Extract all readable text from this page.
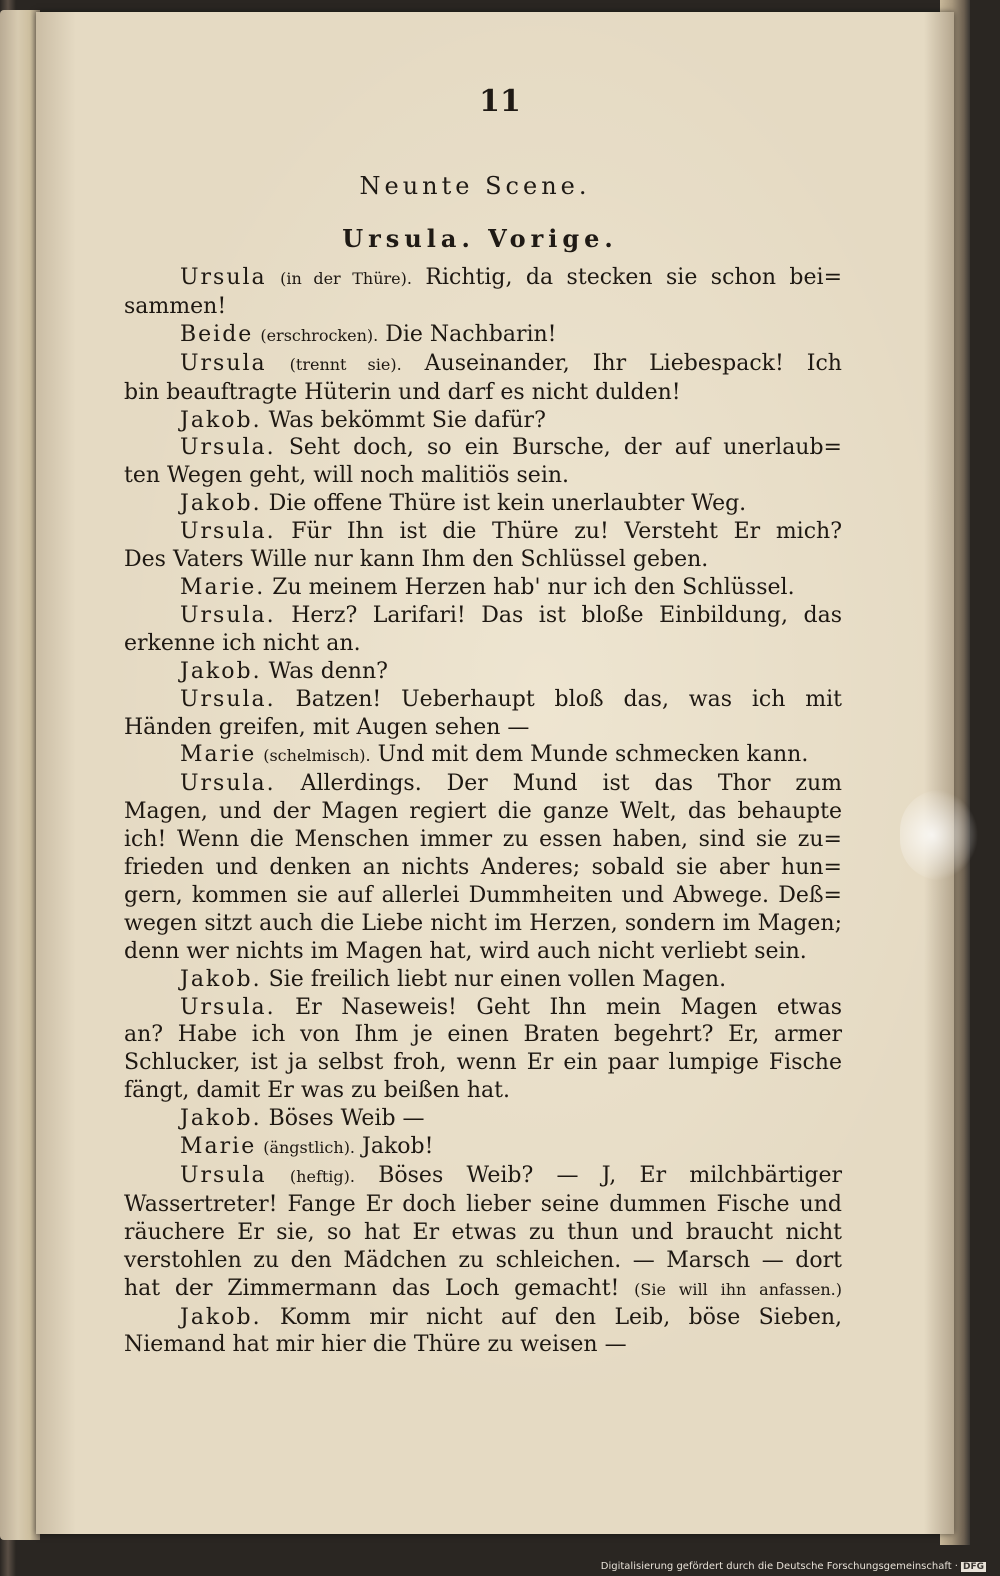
11
Neunte Scene.
Ursula. Vorige.
Ursula (in der Thüre). Richtig, da stecken sie schon bei=
sammen!
Beide (erschrocken). Die Nachbarin!
Ursula (trennt sie). Auseinander, Ihr Liebespack! Ich
bin beauftragte Hüterin und darf es nicht dulden!
Jakob. Was bekömmt Sie dafür?
Ursula. Seht doch, so ein Bursche, der auf unerlaub=
ten Wegen geht, will noch malitiös sein.
Jakob. Die offene Thüre ist kein unerlaubter Weg.
Ursula. Für Ihn ist die Thüre zu! Versteht Er mich?
Des Vaters Wille nur kann Ihm den Schlüssel geben.
Marie. Zu meinem Herzen hab' nur ich den Schlüssel.
Ursula. Herz? Larifari! Das ist bloße Einbildung, das
erkenne ich nicht an.
Jakob. Was denn?
Ursula. Batzen! Ueberhaupt bloß das, was ich mit
Händen greifen, mit Augen sehen —
Marie (schelmisch). Und mit dem Munde schmecken kann.
Ursula. Allerdings. Der Mund ist das Thor zum
Magen, und der Magen regiert die ganze Welt, das behaupte
ich! Wenn die Menschen immer zu essen haben, sind sie zu=
frieden und denken an nichts Anderes; sobald sie aber hun=
gern, kommen sie auf allerlei Dummheiten und Abwege. Deß=
wegen sitzt auch die Liebe nicht im Herzen, sondern im Magen;
denn wer nichts im Magen hat, wird auch nicht verliebt sein.
Jakob. Sie freilich liebt nur einen vollen Magen.
Ursula. Er Naseweis! Geht Ihn mein Magen etwas
an? Habe ich von Ihm je einen Braten begehrt? Er, armer
Schlucker, ist ja selbst froh, wenn Er ein paar lumpige Fische
fängt, damit Er was zu beißen hat.
Jakob. Böses Weib —
Marie (ängstlich). Jakob!
Ursula (heftig). Böses Weib? — J, Er milchbärtiger
Wassertreter! Fange Er doch lieber seine dummen Fische und
räuchere Er sie, so hat Er etwas zu thun und braucht nicht
verstohlen zu den Mädchen zu schleichen. — Marsch — dort
hat der Zimmermann das Loch gemacht! (Sie will ihn anfassen.)
Jakob. Komm mir nicht auf den Leib, böse Sieben,
Niemand hat mir hier die Thüre zu weisen —
Digitalisierung gefördert durch die Deutsche Forschungsgemeinschaft · DFG
